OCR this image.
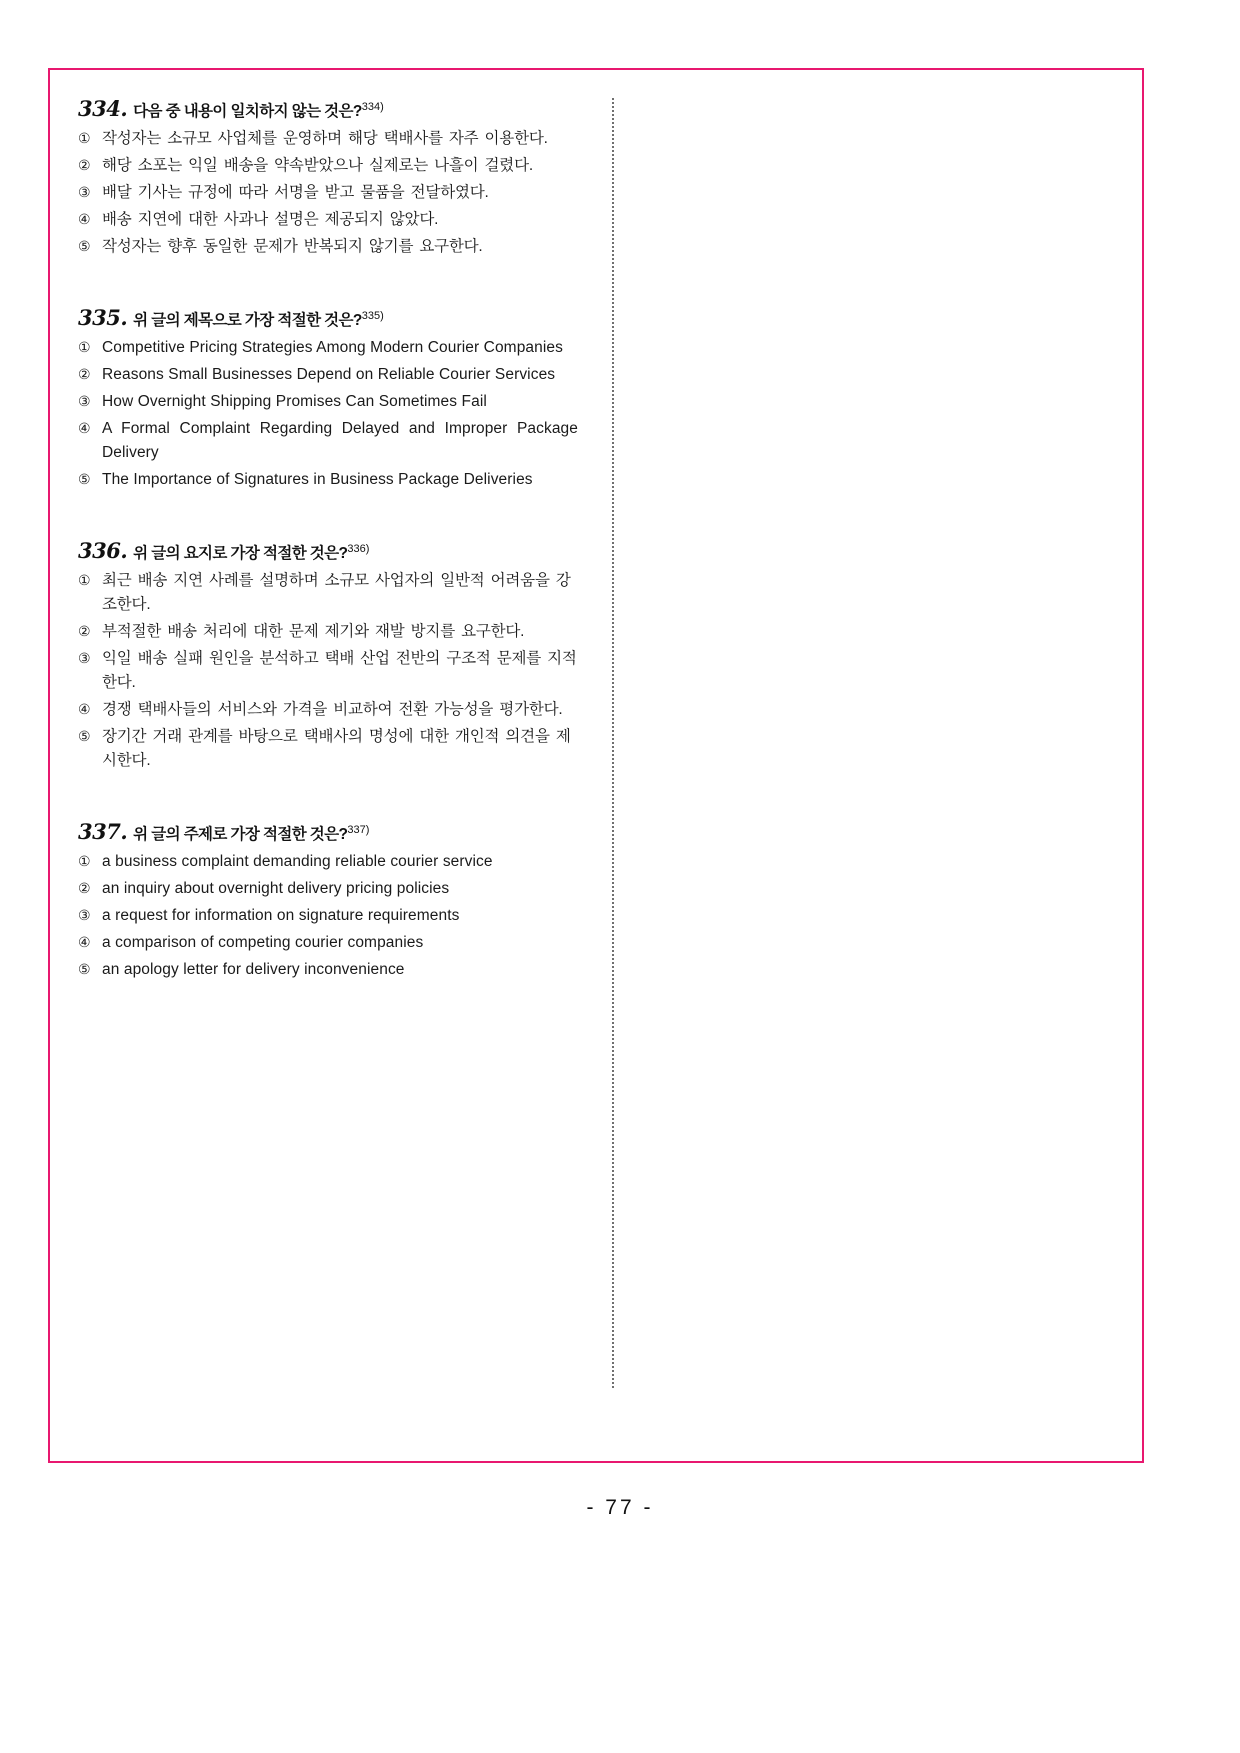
334. 다음 중 내용이 일치하지 않는 것은?$^{334)}$
① 작성자는 소규모 사업체를 운영하며 해당 택배사를 자주 이용한다.
② 해당 소포는 익일 배송을 약속받았으나 실제로는 나흘이 걸렸다.
③ 배달 기사는 규정에 따라 서명을 받고 물품을 전달하였다.
④ 배송 지연에 대한 사과나 설명은 제공되지 않았다.
⑤ 작성자는 향후 동일한 문제가 반복되지 않기를 요구한다.
335. 위 글의 제목으로 가장 적절한 것은?$^{335)}$
① Competitive Pricing Strategies Among Modern Courier Companies
② Reasons Small Businesses Depend on Reliable Courier Services
③ How Overnight Shipping Promises Can Sometimes Fail
④ A Formal Complaint Regarding Delayed and Improper Package Delivery
⑤ The Importance of Signatures in Business Package Deliveries
336. 위 글의 요지로 가장 적절한 것은?$^{336)}$
① 최근 배송 지연 사례를 설명하며 소규모 사업자의 일반적 어려움을 강조한다.
② 부적절한 배송 처리에 대한 문제 제기와 재발 방지를 요구한다.
③ 익일 배송 실패 원인을 분석하고 택배 산업 전반의 구조적 문제를 지적한다.
④ 경쟁 택배사들의 서비스와 가격을 비교하여 전환 가능성을 평가한다.
⑤ 장기간 거래 관계를 바탕으로 택배사의 명성에 대한 개인적 의견을 제시한다.
337. 위 글의 주제로 가장 적절한 것은?$^{337)}$
① a business complaint demanding reliable courier service
② an inquiry about overnight delivery pricing policies
③ a request for information on signature requirements
④ a comparison of competing courier companies
⑤ an apology letter for delivery inconvenience
- 77 -
